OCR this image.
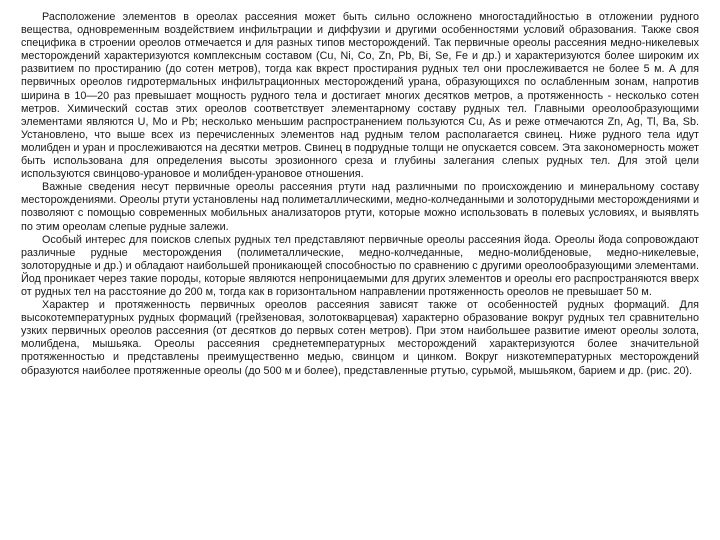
Расположение элементов в ореолах рассеяния может быть сильно осложнено многостадийностью в отложении рудного вещества, одновременным воздействием инфильтрации и диффузии и другими особенностями условий образования. Также своя специфика в строении ореолов отмечается и для разных типов месторождений. Так первичные ореолы рассеяния медно-никелевых месторождений характеризуются комплексным составом (Cu, Ni, Co, Zn, Pb, Bi, Se, Fe и др.) и характеризуются более широким их развитием по простиранию (до сотен метров), тогда как вкрест простирания рудных тел они прослеживается не более 5 м. А для первичных ореолов гидротермальных инфильтрационных месторождений урана, образующихся по ослабленным зонам, напротив ширина в 10—20 раз превышает мощность рудного тела и достигает многих десятков метров, а протяженность - несколько сотен метров. Химический состав этих ореолов соответствует элементарному составу рудных тел. Главными ореолообразующими элементами являются U, Mo и Pb; несколько меньшим распространением пользуются Cu, As и реже отмечаются Zn, Ag, Tl, Ba, Sb. Установлено, что выше всех из перечисленных элементов над рудным телом располагается свинец. Ниже рудного тела идут молибден и уран и прослеживаются на десятки метров. Свинец в подрудные толщи не опускается совсем. Эта закономерность может быть использована для определения высоты эрозионного среза и глубины залегания слепых рудных тел. Для этой цели используются свинцово-урановое и молибден-урановое отношения.

Важные сведения несут первичные ореолы рассеяния ртути над различными по происхождению и минеральному составу месторождениями. Ореолы ртути установлены над полиметаллическими, медно-колчеданными и золоторудными месторождениями и позволяют с помощью современных мобильных анализаторов ртути, которые можно использовать в полевых условиях, и выявлять по этим ореолам слепые рудные залежи.

Особый интерес для поисков слепых рудных тел представляют первичные ореолы рассеяния йода. Ореолы йода сопровождают различные рудные месторождения (полиметаллические, медно-колчеданные, медно-молибденовые, медно-никелевые, золоторудные и др.) и обладают наибольшей проникающей способностью по сравнению с другими ореолообразующими элементами. Йод проникает через такие породы, которые являются непроницаемыми для других элементов и ореолы его распространяются вверх от рудных тел на расстояние до 200 м, тогда как в горизонтальном направлении протяженность ореолов не превышает 50 м.

Характер и протяженность первичных ореолов рассеяния зависят также от особенностей рудных формаций. Для высокотемпературных рудных формаций (грейзеновая, золотокварцевая) характерно образование вокруг рудных тел сравнительно узких первичных ореолов рассеяния (от десятков до первых сотен метров). При этом наибольшее развитие имеют ореолы золота, молибдена, мышьяка. Ореолы рассеяния среднетемпературных месторождений характеризуются более значительной протяженностью и представлены преимущественно медью, свинцом и цинком. Вокруг низкотемпературных месторождений образуются наиболее протяженные ореолы (до 500 м и более), представленные ртутью, сурьмой, мышьяком, барием и др. (рис. 20).
